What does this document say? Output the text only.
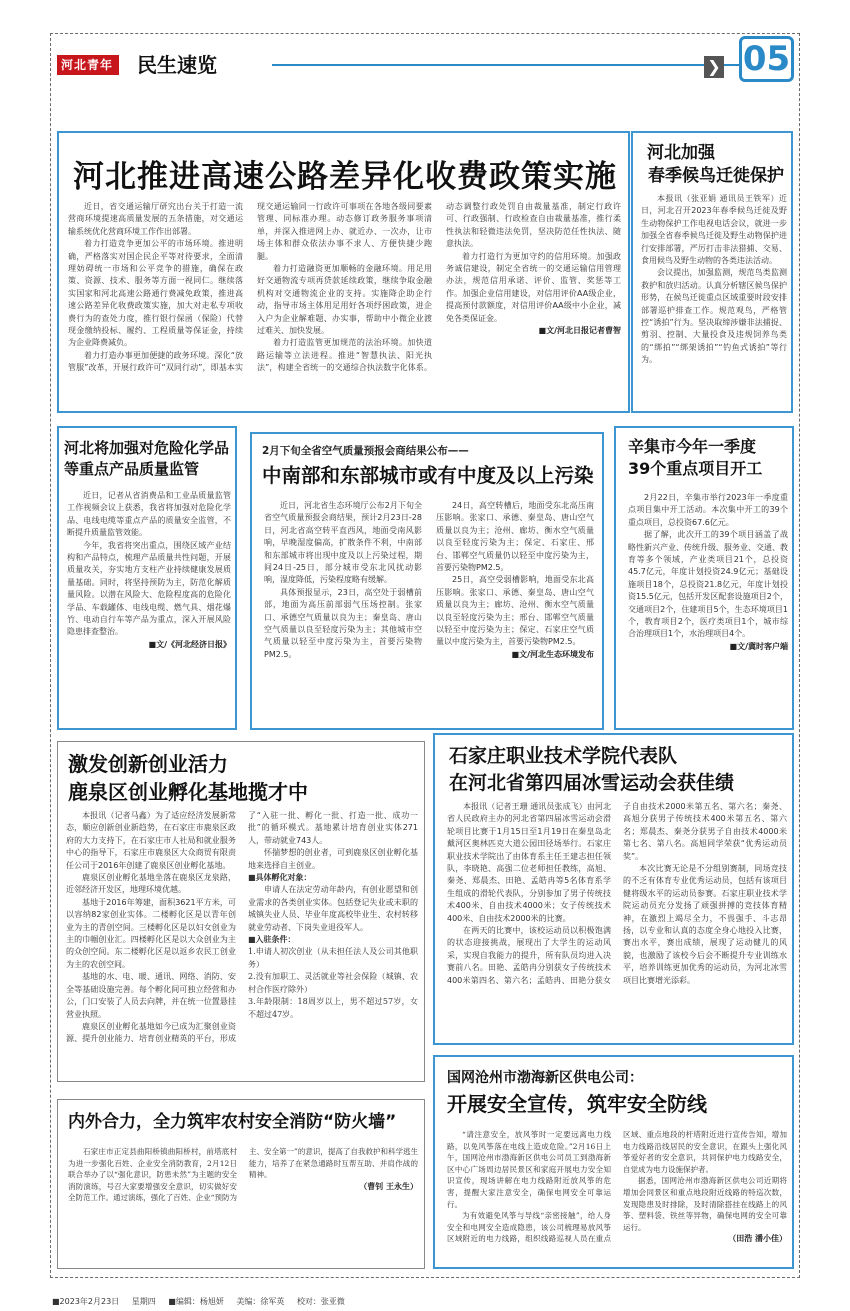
河北青年报
民生速览	❯ 05
河北推进高速公路差异化收费政策实施

近日，省交通运输厅研究出台关于打造一流营商环境提速高质量发展的五条措施，对交通运输系统优化营商环境工作作出部署。

着力打造竞争更加公平的市场环境。推进明确，严格落实对国企民企平等对待要求，全面清理妨碍统一市场和公平竞争的措施，确保在政策、资源、技术、服务等方面一视同仁。继续落实国家和河北高速公路通行费减免政策，推进高速公路差异化收费政策实施，加大对走私专项收费行为的查处力度，推行银行保函（保险）代替现金缴纳投标、履约、工程质量等保证金，持续为企业降费减负。

着力打造办事更加便捷的政务环境。深化“放管服”改革，开展行政许可“双同行动”，即基本实现交通运输同一行政许可事项在各地各级同要素管理、同标准办理。动态修订政务服务事项清单，并深入推进网上办、就近办、一次办，让市场主体和群众依法办事不求人、方便快捷少跑腿。

着力打造融资更加顺畅的金融环境。用足用好交通物流专项再贷款延续政策，继续争取金融机构对交通物流企业的支持。实施降企助企行动，指导市场主体用足用好各项纾困政策，进企入户为企业解难题、办实事，帮助中小微企业渡过难关、加快发展。

着力打造监管更加规范的法治环境。加快道路运输等立法进程。推进“智慧执法、阳光执法”，构建全省统一的交通综合执法数字化体系。动态调整行政处罚自由裁量基准，制定行政许可、行政强制、行政检查自由裁量基准，推行柔性执法和轻微违法免罚，坚决防范任性执法、随意执法。

着力打造行为更加守约的信用环境。加强政务诚信建设，制定全省统一的交通运输信用管理办法，规范信用承诺、评价、监管、奖惩等工作。加强企业信用建设，对信用评价AA级企业，提高预付款额度，对信用评价AA级中小企业，减免各类保证金。

■文/河北日报记者曹智
河北加强
春季候鸟迁徙保护

本报讯（张亚娟 通讯员王铁军）近日，河北召开2023年春季候鸟迁徙及野生动物保护工作电视电话会议，就进一步加强全省春季候鸟迁徙及野生动物保护进行安排部署，严厉打击非法猎捕、交易、食用候鸟及野生动物的各类违法活动。

会议提出，加强监测，规范鸟类监测救护和放归活动。认真分析辖区候鸟保护形势，在候鸟迁徙重点区域重要时段安排部署巡护排查工作。规范观鸟，严格管控“诱拍”行为。坚决取缔涉嫌非法捕捉、剪羽、控制、大量投食及违规饲养鸟类的“绑拍”“绑架诱拍”“钓鱼式诱拍”等行为。

河北将加强对危险化学品等重点产品质量监管

近日，记者从省消费品和工业品质量监管工作视频会议上获悉，我省将加强对危险化学品、电线电缆等重点产品的质量安全监管，不断提升质量监管效能。

今年，我省将突出重点，围绕区域产业结构和产品特点，梳理产品质量共性问题，开展质量攻关，夯实地方支柱产业持续健康发展质量基础。同时，将坚持预防为主，防范化解质量风险。以潜在风险大、危险程度高的危险化学品、车载罐体、电线电缆、燃气具、烟花爆竹、电动自行车等产品为重点，深入开展风险隐患排查整治。

■文/《河北经济日报》
2月下旬全省空气质量预报会商结果公布——
中南部和东部城市或有中度及以上污染

近日，河北省生态环境厅公布2月下旬全省空气质量预报会商结果，预计2月23日-28日，河北省高空转平直西风，地面受南风影响，早晚湿度偏高，扩散条件不利，中南部和东部城市将出现中度及以上污染过程，期间24日-25日，部分城市受东北风扰动影响，湿度降低，污染程度略有缓解。

具体预报显示，23日，高空处于弱槽前部，地面为高压前部弱气压场控制。张家口、承德空气质量以良为主；秦皇岛、唐山空气质量以良至轻度污染为主；其他城市空气质量以轻至中度污染为主，首要污染物PM2.5。

24日，高空转槽后，地面受东北高压南压影响。张家口、承德、秦皇岛、唐山空气质量以良为主；沧州、廊坊、衡水空气质量以良至轻度污染为主；保定、石家庄、邢台、邯郸空气质量仍以轻至中度污染为主，首要污染物PM2.5。

25日，高空受弱槽影响，地面受东北高压影响。张家口、承德、秦皇岛、唐山空气质量以良为主；廊坊、沧州、衡水空气质量以良至轻度污染为主；邢台、邯郸空气质量以轻至中度污染为主；保定、石家庄空气质量以中度污染为主，首要污染物PM2.5。

■文/河北生态环境发布
辛集市今年一季度
39个重点项目开工

2月22日，辛集市举行2023年一季度重点项目集中开工活动。本次集中开工的39个重点项目，总投资67.6亿元。

据了解，此次开工的39个项目涵盖了战略性新兴产业、传统升级、服务业、交通、教育等多个领域，产业类项目21个，总投资45.7亿元，年度计划投资24.9亿元；基础设施项目18个，总投资21.8亿元，年度计划投资15.5亿元，包括开发区配套设施项目2个，交通项目2个，住建项目5个，生态环境项目1个，教育项目2个，医疗类项目1个，城市综合治理项目1个，水治理项目4个。

■文/冀时客户端
激发创新创业活力
鹿泉区创业孵化基地揽才中

本报讯（记者马鑫）为了适应经济发展新常态，顺应创新创业新趋势，在石家庄市鹿泉区政府的大力支持下，在石家庄市人社局和就业服务中心的指导下，石家庄市鹿泉区大众商贸有限责任公司于2016年创建了鹿泉区创业孵化基地。

鹿泉区创业孵化基地坐落在鹿泉区龙泉路，近邻经济开发区，地理环境优越。

基地于2016年筹建，面积3621平方米，可以容纳82家创业实体。二楼孵化区是以青年创业为主的青创空间。三楼孵化区是以妇女创业为主的巾帼创业汇。四楼孵化区是以大众创业为主的众创空间。东二楼孵化区是以返乡农民工创业为主的农创空间。

基地的水、电、暖、通讯、网络、消防、安全等基础设施完善。每个孵化间可独立经营和办公，门口安装了人员去向牌，并在统一位置悬挂营业执照。

鹿泉区创业孵化基地如今已成为汇聚创业资源、提升创业能力、培育创业精英的平台，形成了“入驻一批、孵化一批、打造一批、成功一批”的循环模式。基地累计培育创业实体271人，带动就业743人。

怀揣梦想的创业者，可到鹿泉区创业孵化基地来选择自主创业。

■具体孵化对象：

申请人在法定劳动年龄内，有创业愿望和创业需求的各类创业实体。包括登记失业或未职的城镇失业人员、毕业年度高校毕业生、农村转移就业劳动者、下岗失业退役军人。

■入驻条件：
1.申请人初次创业（从未担任法人及公司其他职务）
2.没有加职工、灵活就业等社会保险（城镇、农村合作医疗除外）
3.年龄限制：18周岁以上，男不超过57岁，女不超过47岁。
石家庄职业技术学院代表队
在河北省第四届冰雪运动会获佳绩

本报讯（记者王珊 通讯员张成飞）由河北省人民政府主办的河北省第四届冰雪运动会滑轮项目比赛于1月15日至1月19日在秦皇岛北戴河区奥林匹克大道公园田径场举行。石家庄职业技术学院出了由体育系主任王建志担任领队，李晓艳、高强二位老师担任教练，高旭、秦尧、郑晨杰、田艳、孟皓冉等5名体育系学生组成的滑轮代表队，分别参加了男子传统技术400米、自由技术4000米；女子传统技术400米、自由技术2000米的比赛。

在两天的比赛中，该校运动员以积极饱满的状态迎接挑战，展现出了大学生的运动风采，实现自我能力的提升，所有队员均进入决赛前八名。田艳、孟皓冉分别获女子传统技术400米第四名、第六名；孟皓冉、田艳分获女子自由技术2000米第五名、第六名；秦尧、高旭分获男子传统技术400米第五名、第六名；郑晨杰、秦尧分获男子自由技术4000米第七名、第八名。高旭同学荣获“优秀运动员奖”。

本次比赛无论是不分组别赛制，同场竞技的不乏有体育专业优秀运动员，包括有该项目健将级水平的运动员参赛。石家庄职业技术学院运动员充分发扬了顽强拼搏的竞技体育精神，在激烈上竭尽全力，不畏强手、斗志昂扬，以专业和认真的态度全身心地投入比赛，赛出水平，赛出成绩，展现了运动健儿的风貌，也激励了该校今后会不断提升专业训练水平，培养训练更加优秀的运动员，为河北冰雪项目比赛增光添彩。

国网沧州市渤海新区供电公司：
开展安全宣传，筑牢安全防线

“请注意安全，放风筝时一定要远离电力线路，以免风筝落在电线上造成危险。”2月16日上午，国网沧州市渤海新区供电公司员工到渤海新区中心广场周边居民景区和家庭开展电力安全知识宣传，现场讲解在电力线路附近放风筝的危害，提醒大家注意安全，确保电网安全可靠运行。

为有效避免风筝与导线“亲密接触”，给人身安全和电网安全造成隐患，该公司梳理易放风筝区域附近的电力线路，组织线路巡视人员在重点区域、重点地段的杆塔附近进行宣传告知，增加电力线路沿线居民的安全意识，在跟头上强化风筝爱好者的安全意识，共同保护电力线路安全，自觉成为电力设施保护者。

据悉，国网沧州市渤海新区供电公司近期将增加会同景区和重点地段附近线路的特巡次数，发现隐患及时排除，及时清除搭挂在线路上的风筝、塑料袋、铁丝等异物，确保电网的安全可靠运行。

（田浩 潘小佳）
内外合力，全力筑牢农村安全消防“防火墙”

石家庄市正定县曲阳桥镇曲阳桥村，前塔底村为进一步强化百姓、企业安全消防教育，2月12日联合举办了以“强化意识，防患未然”为主题的安全消防演练，号召大家要增强安全意识，切实做好安全防范工作。通过演练，强化了百姓、企业“预防为主、安全第一”的意识，提高了自我救护和科学逃生能力，培养了在紧急通路时互帮互助、并肩作战的精神。

（曹钊 王永生）
■2023年2月23日 星期四 ■编辑：杨旭妍 美编：徐军英 校对：张亚微
